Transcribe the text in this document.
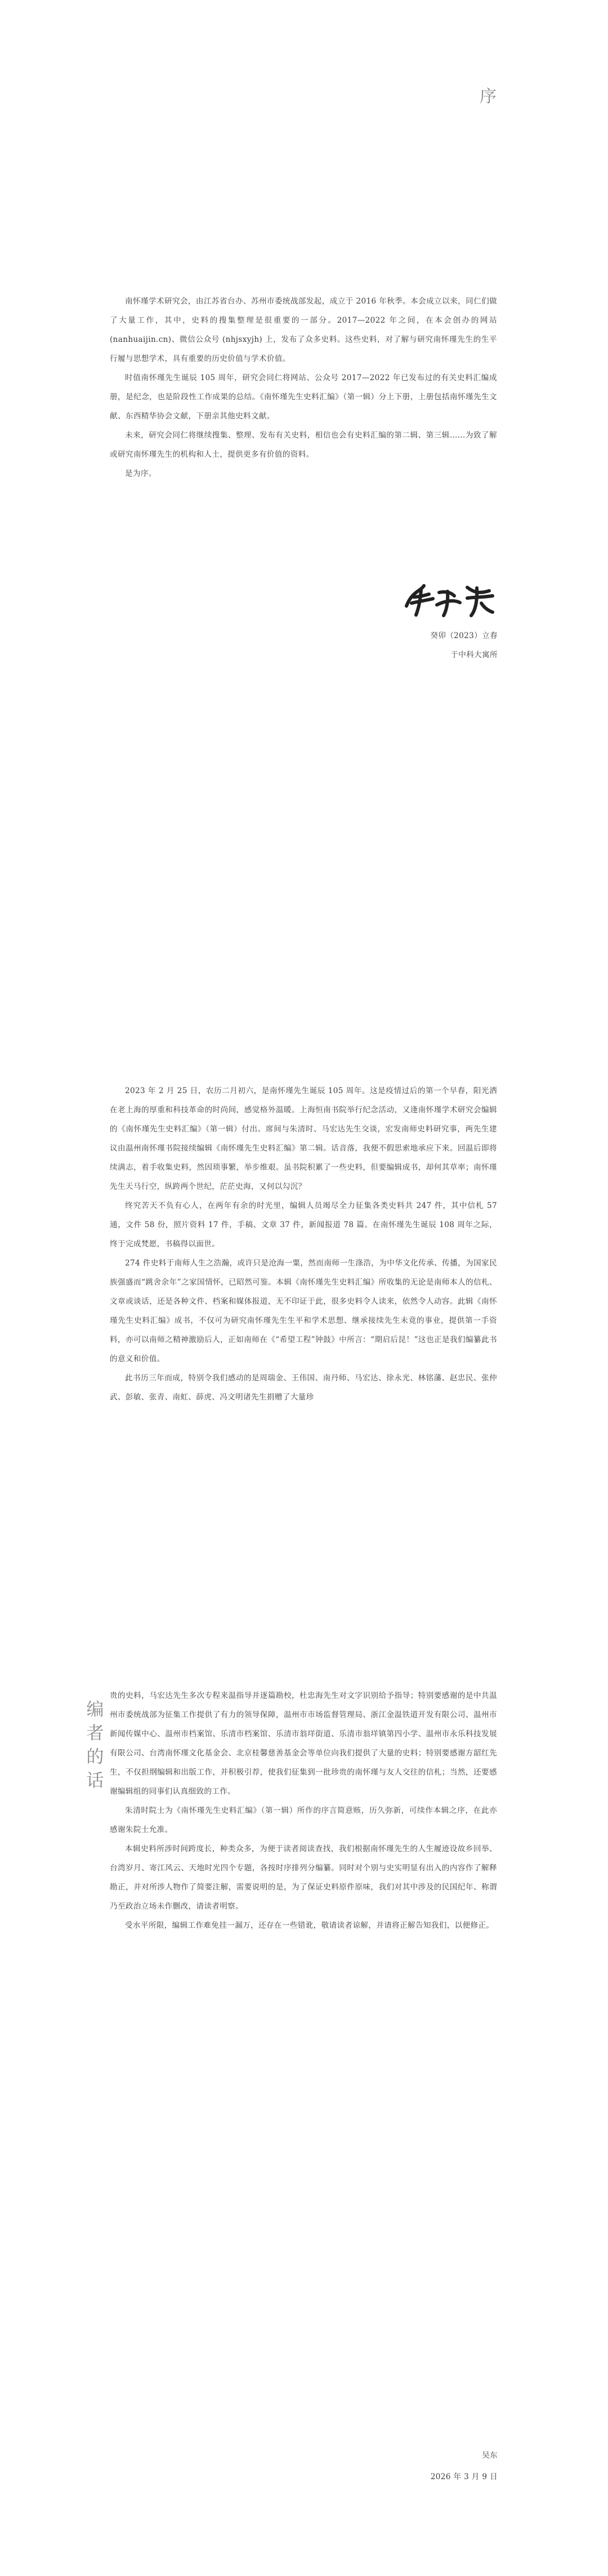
序

南怀瑾学术研究会，由江苏省台办、苏州市委统战部发起，成立于 2016 年秋季。本会成立以来，同仁们做了大量工作，其中，史料的搜集整理是很重要的一部分。2017—2022 年之间，在本会创办的网站 (nanhuaijin.cn)、微信公众号 (nhjsxyjh) 上，发布了众多史料。这些史料，对了解与研究南怀瑾先生的生平行履与思想学术，具有重要的历史价值与学术价值。

时值南怀瑾先生诞辰 105 周年，研究会同仁将网站、公众号 2017—2022 年已发布过的有关史料汇编成册，是纪念，也是阶段性工作成果的总结。《南怀瑾先生史料汇编》（第一辑）分上下册，上册包括南怀瑾先生文献、东西精华协会文献，下册亲其他史料文献。

未来，研究会同仁将继续搜集、整理、发布有关史料，相信也会有史料汇编的第二辑、第三辑……为致了解或研究南怀瑾先生的机构和人士，提供更多有价值的资料。

是为序。

癸卯（2023）立春
于中科大寓所
编
者
的
话

2023 年 2 月 25 日，农历二月初六，是南怀瑾先生诞辰 105 周年。这是疫情过后的第一个早春，阳光洒在老上海的厚重和科技革命的时尚间，感觉格外温暖。上海恒南书院举行纪念活动，又逢南怀瑾学术研究会编辑的《南怀瑾先生史料汇编》（第一辑）付出。席间与朱清时、马宏达先生交谈，宏发南师史料研究事，两先生建议由温州南怀瑾书院接续编辑《南怀瑾先生史料汇编》第二辑。话音落，我便不假思索地承应下来。回温后即将续满志，着手收集史料，然因琐事繁，举步维艰。虽书院积累了一些史料，但要编辑成书，却何其草率；南怀瑾先生天马行空，纵跨两个世纪，茫茫史海，又何以勾沉？

终究苦天不负有心人，在两年有余的时光里，编辑人员竭尽全力征集各类史料共 247 件，其中信札 57 通，文件 58 份，照片资料 17 件，手稿、文章 37 件，新闻报道 78 篇。在南怀瑾先生诞辰 108 周年之际，终于完成梵愿，书稿得以面世。

274 件史料于南师人生之浩瀚，或许只是沧海一粟，然而南师一生涤浩，为中华文化传承、传播，为国家民族强盛而“跳舍余年”之家国情怀，已昭然可鉴。本辑《南怀瑾先生史料汇编》所收集的无论是南师本人的信札、文章或谈话，还是各种文件、档案和媒体报道，无不印证于此，很多史料令人读来，依然令人动容。此辑《南怀瑾先生史料汇编》成书，不仅可为研究南怀瑾先生生平和学术思想、继承接续先生未竟的事业，提供第一手资料，亦可以南师之精神激励后人，正如南师在《“希望工程”钟鼓》中所言：“期启后昆！”这也正是我们编纂此书的意义和价值。

此书历三年而成，特别令我们感动的是周瑞金、王伟国、南丹师、马宏达、徐永光、林铭藩、赵忠民、张仲武、彭敏、张青、南虹、薛虎、冯文明诸先生捐赠了大量珍

贵的史料，马宏达先生多次专程来温指导并逐篇勘校，杜忠海先生对文字识别给予指导；特别要感谢的是中共温州市委统战部为征集工作提供了有力的领导保障，温州市市场监督管理局、浙江金温铁道开发有限公司、温州市新闻传媒中心、温州市档案馆、乐清市档案馆、乐清市翁垟街道、乐清市翁垟镇第四小学、温州市永乐科技发展有限公司、台湾南怀瑾文化基金会、北京桂馨慈善基金会等单位向我们提供了大量的史料；特别要感谢方韶红先生，不仅担纲编辑和出版工作，并积极引荐，使我们征集到一批珍贵的南怀瑾与友人交往的信札；当然，还要感谢编辑组的同事们认真细致的工作。

朱清时院士为《南怀瑾先生史料汇编》（第一辑）所作的序言简意赅，历久弥新，可续作本辑之序，在此亦感谢朱院士允准。

本辑史料所涉时间跨度长，种类众多，为便于读者阅读查找，我们根据南怀瑾先生的人生履迹设故乡回举、台湾岁月、寄江风云、天地时光四个专题，各按时序排列分编纂。同时对个别与史实明显有出入的内容作了解释勘正，并对所涉人物作了简要注解，需要说明的是，为了保证史料原件原味，我们对其中涉及的民国纪年、称谓乃至政治立场未作删改，请读者明察。

受水平所限，编辑工作难免挂一漏万，还存在一些错讹，敬请读者谅解，并请将正解告知我们，以便修正。

吴东
2026 年 3 月 9 日
